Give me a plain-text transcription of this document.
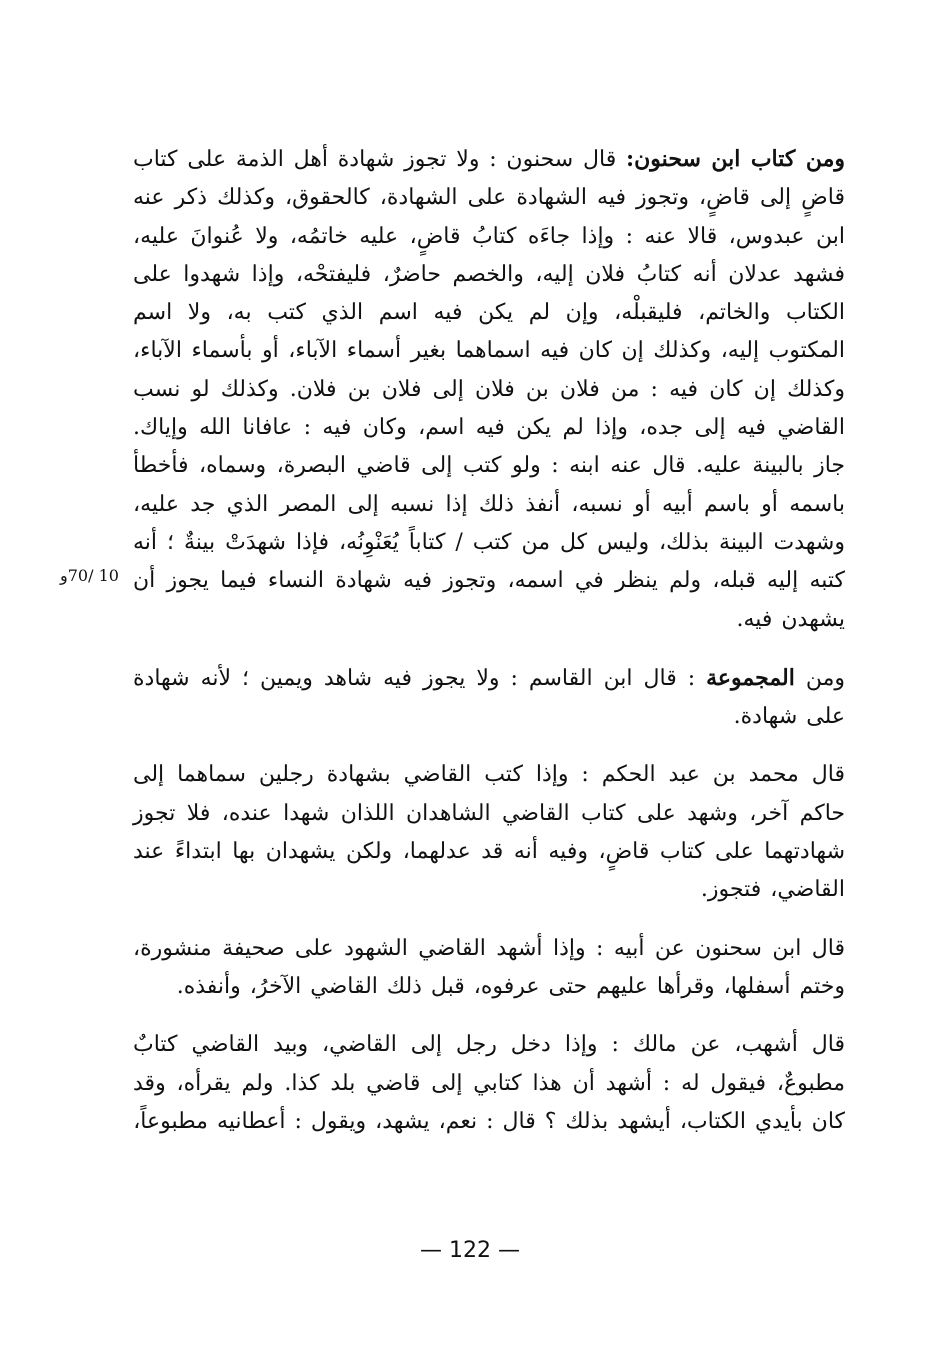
ومن كتاب ابن سحنون: قال سحنون : ولا تجوز شهادة أهل الذمة على كتاب قاضٍ إلى قاضٍ، وتجوز فيه الشهادة على الشهادة، كالحقوق، وكذلك ذكر عنه ابن عبدوس، قالا عنه : وإذا جاءَه كتابُ قاضٍ، عليه خاتمُه، ولا عُنوانَ عليه، فشهد عدلان أنه كتابُ فلان إليه، والخصم حاضرٌ، فليفتحْه، وإذا شهدوا على الكتاب والخاتم، فليقبلْه، وإن لم يكن فيه اسم الذي كتب به، ولا اسم المكتوب إليه، وكذلك إن كان فيه اسماهما بغير أسماء الآباء، أو بأسماء الآباء، وكذلك إن كان فيه : من فلان بن فلان إلى فلان بن فلان. وكذلك لو نسب القاضي فيه إلى جده، وإذا لم يكن فيه اسم، وكان فيه : عافانا الله وإياك. جاز بالبينة عليه. قال عنه ابنه : ولو كتب إلى قاضي البصرة، وسماه، فأخطأ باسمه أو باسم أبيه أو نسبه، أنفذ ذلك إذا نسبه إلى المصر الذي جد عليه، وشهدت البينة بذلك، وليس كل من كتب / كتاباً يُعَنْوِنُه، فإذا شهدَتْ بينةٌ ؛ أنه كتبه إليه قبله، ولم ينظر في اسمه، وتجوز فيه شهادة النساء فيما يجوز أن يشهدن فيه.

ومن المجموعة : قال ابن القاسم : ولا يجوز فيه شاهد ويمين ؛ لأنه شهادة على شهادة.

قال محمد بن عبد الحكم : وإذا كتب القاضي بشهادة رجلين سماهما إلى حاكم آخر، وشهد على كتاب القاضي الشاهدان اللذان شهدا عنده، فلا تجوز شهادتهما على كتاب قاضٍ، وفيه أنه قد عدلهما، ولكن يشهدان بها ابتداءً عند القاضي، فتجوز.

قال ابن سحنون عن أبيه : وإذا أشهد القاضي الشهود على صحيفة منشورة، وختم أسفلها، وقرأها عليهم حتى عرفوه، قبل ذلك القاضي الآخرُ، وأنفذه.

قال أشهب، عن مالك : وإذا دخل رجل إلى القاضي، وبيد القاضي كتابٌ مطبوعٌ، فيقول له : أشهد أن هذا كتابي إلى قاضي بلد كذا. ولم يقرأه، وقد كان بأيدي الكتاب، أيشهد بذلك ؟ قال : نعم، يشهد، ويقول : أعطانيه مطبوعاً،

10 /70و
— 122 —
